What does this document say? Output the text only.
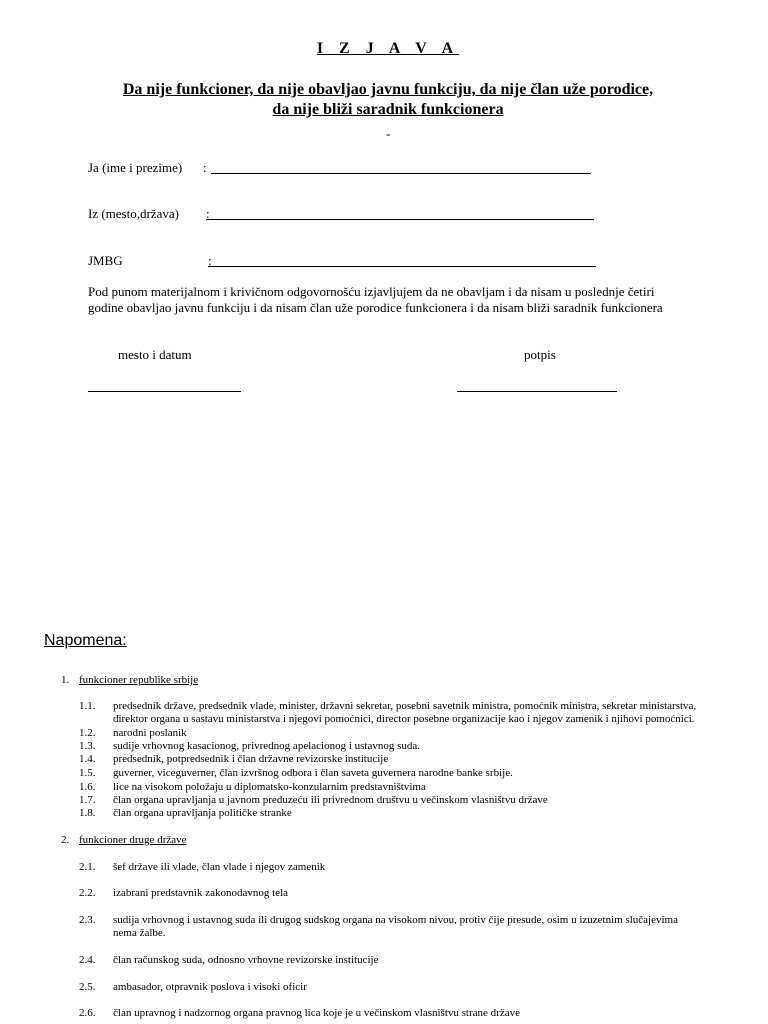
I Z J A V A
Da nije funkcioner, da nije obavljao javnu funkciju, da nije član uže porodice,
da nije bliži saradnik funkcionera
-
Ja (ime i prezime) :
Iz (mesto,država) :
JMBG	:
Pod punom materijalnom i krivičnom odgovornošću izjavljujem da ne obavljam i da nisam u poslednje četiri
godine obavljao javnu funkciju i da nisam član uže porodice funkcionera i da nisam bliži saradnik funkcionera
mesto i datum	potpis
Napomena:
1. funkcioner republike srbije
1.1. predsednik države, predsednik vlade, minister, državni sekretar, posebni savetnik ministra, pomoćnik ministra, sekretar ministarstva,
direktor organa u sastavu ministarstva i njegovi pomoćnici, director posebne organizacije kao i njegov zamenik i njihovi pomoćnici.
1.2. narodni poslanik
1.3. sudije vrhovnog kasacionog, privrednog apelacionog i ustavnog suda.
1.4. predsednik, potpredsednik i član državne revizorske institucije
1.5. guverner, viceguverner, član izvršnog odbora i član saveta guvernera narodne banke srbije.
1.6. lice na visokom položaju u diplomatsko-konzularnim predstavništvima
1.7. član organa upravljanja u javnom preduzeću ili privrednom društvu u večinskom vlasništvu države
1.8. član organa upravljanja političke stranke
2. funkcioner druge države
2.1. šef države ili vlade, član vlade i njegov zamenik
2.2. izabrani predstavnik zakonodavnog tela
2.3. sudija vrhovnog i ustavnog suda ili drugog sudskog organa na visokom nivou, protiv čije presude, osim u izuzetnim slučajevima
nema žalbe.
2.4. član računskog suda, odnosno vrhovne revizorske institucije
2.5. ambasador, otpravnik poslova i visoki oficir
2.6. član upravnog i nadzornog organa pravnog lica koje je u večinskom vlasništvu strane države
